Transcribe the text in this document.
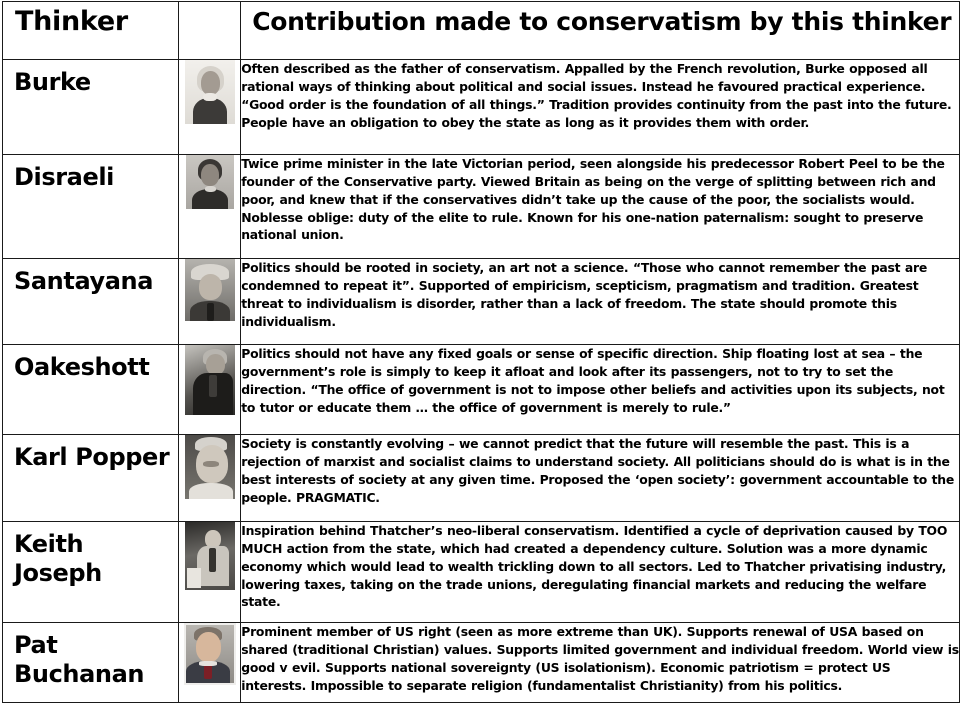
Thinker		Contribution made to conservatism by this thinker

Burke		Often described as the father of conservatism. Appalled by the French revolution, Burke opposed all rational ways of thinking about political and social issues. Instead he favoured practical experience. “Good order is the foundation of all things.” Tradition provides continuity from the past into the future. People have an obligation to obey the state as long as it provides them with order.

Disraeli		Twice prime minister in the late Victorian period, seen alongside his predecessor Robert Peel to be the founder of the Conservative party. Viewed Britain as being on the verge of splitting between rich and poor, and knew that if the conservatives didn’t take up the cause of the poor, the socialists would. Noblesse oblige: duty of the elite to rule. Known for his one-nation paternalism: sought to preserve national union.

Santayana		Politics should be rooted in society, an art not a science. “Those who cannot remember the past are condemned to repeat it”. Supported of empiricism, scepticism, pragmatism and tradition. Greatest threat to individualism is disorder, rather than a lack of freedom. The state should promote this individualism.

Oakeshott		Politics should not have any fixed goals or sense of specific direction. Ship floating lost at sea – the government’s role is simply to keep it afloat and look after its passengers, not to try to set the direction. “The office of government is not to impose other beliefs and activities upon its subjects, not to tutor or educate them … the office of government is merely to rule.”

Karl Popper		Society is constantly evolving – we cannot predict that the future will resemble the past. This is a rejection of marxist and socialist claims to understand society. All politicians should do is what is in the best interests of society at any given time. Proposed the ‘open society’: government accountable to the people. PRAGMATIC.

Keith
Joseph		Inspiration behind Thatcher’s neo-liberal conservatism. Identified a cycle of deprivation caused by TOO MUCH action from the state, which had created a dependency culture. Solution was a more dynamic economy which would lead to wealth trickling down to all sectors. Led to Thatcher privatising industry, lowering taxes, taking on the trade unions, deregulating financial markets and reducing the welfare state.

Pat
Buchanan		Prominent member of US right (seen as more extreme than UK). Supports renewal of USA based on shared (traditional Christian) values. Supports limited government and individual freedom. World view is good v evil. Supports national sovereignty (US isolationism). Economic patriotism = protect US interests. Impossible to separate religion (fundamentalist Christianity) from his politics.
